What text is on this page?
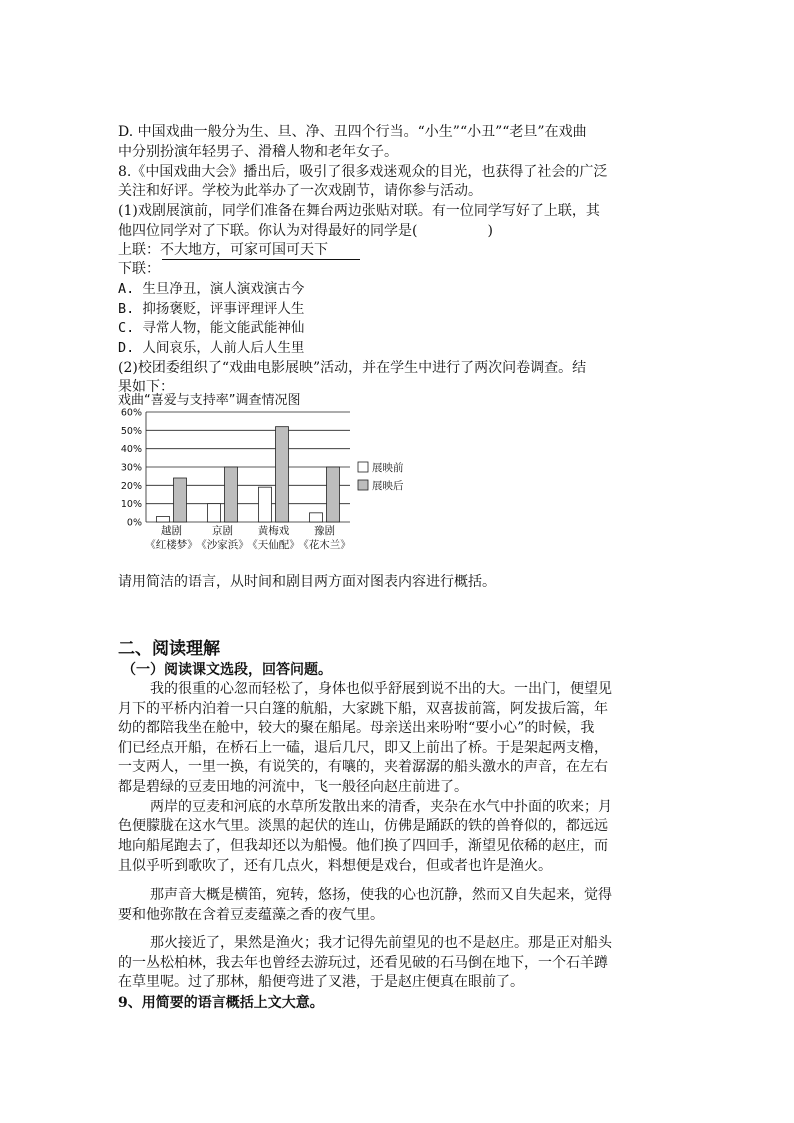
D. 中国戏曲一般分为生、旦、净、丑四个行当。“小生”“小丑”“老旦”在戏曲
中分别扮演年轻男子、滑稽人物和老年女子。
8.《中国戏曲大会》播出后，吸引了很多戏迷观众的目光，也获得了社会的广泛
关注和好评。学校为此举办了一次戏剧节，请你参与活动。
(1)戏剧展演前，同学们准备在舞台两边张贴对联。有一位同学写好了上联，其
他四位同学对了下联。你认为对得最好的同学是(　　　　　)
上联：不大地方，可家可国可天下
下联：
A. 生旦净丑，演人演戏演古今
B. 抑扬褒贬，评事评理评人生
C. 寻常人物，能文能武能神仙
D. 人间哀乐，人前人后人生里
(2)校团委组织了“戏曲电影展映”活动，并在学生中进行了两次问卷调查。结
果如下：
戏曲“喜爱与支持率”调查情况图
60%
50%
40%
30%
20%
10%
0%
越剧
《红楼梦》
京剧
《沙家浜》
黄梅戏
《天仙配》
豫剧
《花木兰》
展映前
展映后
请用简洁的语言，从时间和剧目两方面对图表内容进行概括。
二、阅读理解
（一）阅读课文选段，回答问题。
我的很重的心忽而轻松了，身体也似乎舒展到说不出的大。一出门，便望见
月下的平桥内泊着一只白篷的航船，大家跳下船，双喜拔前篙，阿发拔后篙，年
幼的都陪我坐在舱中，较大的聚在船尾。母亲送出来吩咐“要小心”的时候，我
们已经点开船，在桥石上一磕，退后几尺，即又上前出了桥。于是架起两支橹，
一支两人，一里一换，有说笑的，有嚷的，夹着潺潺的船头激水的声音，在左右
都是碧绿的豆麦田地的河流中，飞一般径向赵庄前进了。
两岸的豆麦和河底的水草所发散出来的清香，夹杂在水气中扑面的吹来；月
色便朦胧在这水气里。淡黑的起伏的连山，仿佛是踊跃的铁的兽脊似的，都远远
地向船尾跑去了，但我却还以为船慢。他们换了四回手，渐望见依稀的赵庄，而
且似乎听到歌吹了，还有几点火，料想便是戏台，但或者也许是渔火。
那声音大概是横笛，宛转，悠扬，使我的心也沉静，然而又自失起来，觉得
要和他弥散在含着豆麦蕴藻之香的夜气里。
那火接近了，果然是渔火；我才记得先前望见的也不是赵庄。那是正对船头
的一丛松柏林，我去年也曾经去游玩过，还看见破的石马倒在地下，一个石羊蹲
在草里呢。过了那林，船便弯进了叉港，于是赵庄便真在眼前了。
9、用简要的语言概括上文大意。
